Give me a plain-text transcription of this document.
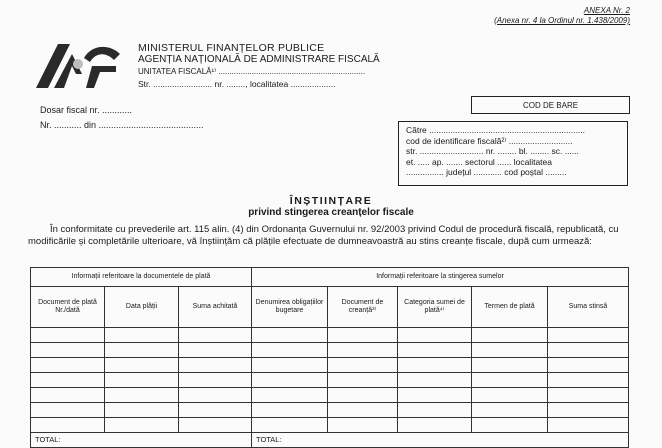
ANEXA Nr. 2
(Anexa nr. 4 la Ordinul nr. 1.438/2009)
MINISTERUL FINANȚELOR PUBLICE
AGENȚIA NAȚIONALĂ DE ADMINISTRARE FISCALĂ
UNITATEA FISCALĂ¹⁾ ..................................................................
Str. ......................... nr. ........, localitatea ...................
Dosar fiscal nr. ............
Nr. ........... din ..........................................
COD DE BARE
Către ..................................................................
cod de identificare fiscală²⁾ ...........................
str. ........................... nr. ........ bl. ........ sc. ......
et. ..... ap. ....... sectorul ...... localitatea
................ județul ............ cod poștal .........
ÎNȘTIINȚARE
privind stingerea creanțelor fiscale
În conformitate cu prevederile art. 115 alin. (4) din Ordonanța Guvernului nr. 92/2003 privind Codul de procedură fiscală, republicată, cu modificările și completările ulterioare, vă înștiințăm că plățile efectuate de dumneavoastră au stins creanțe fiscale, după cum urmează:
Informații referitoare la documentele de plată			Informații referitoare la stingerea sumelor				
Document de plată Nr./dată	Data plății	Suma achitată	Denumirea obligațiilor bugetare	Document de creanță³⁾	Categoria sumei de plată⁴⁾	Termen de plată	Suma stinsă

TOTAL:			TOTAL:				
